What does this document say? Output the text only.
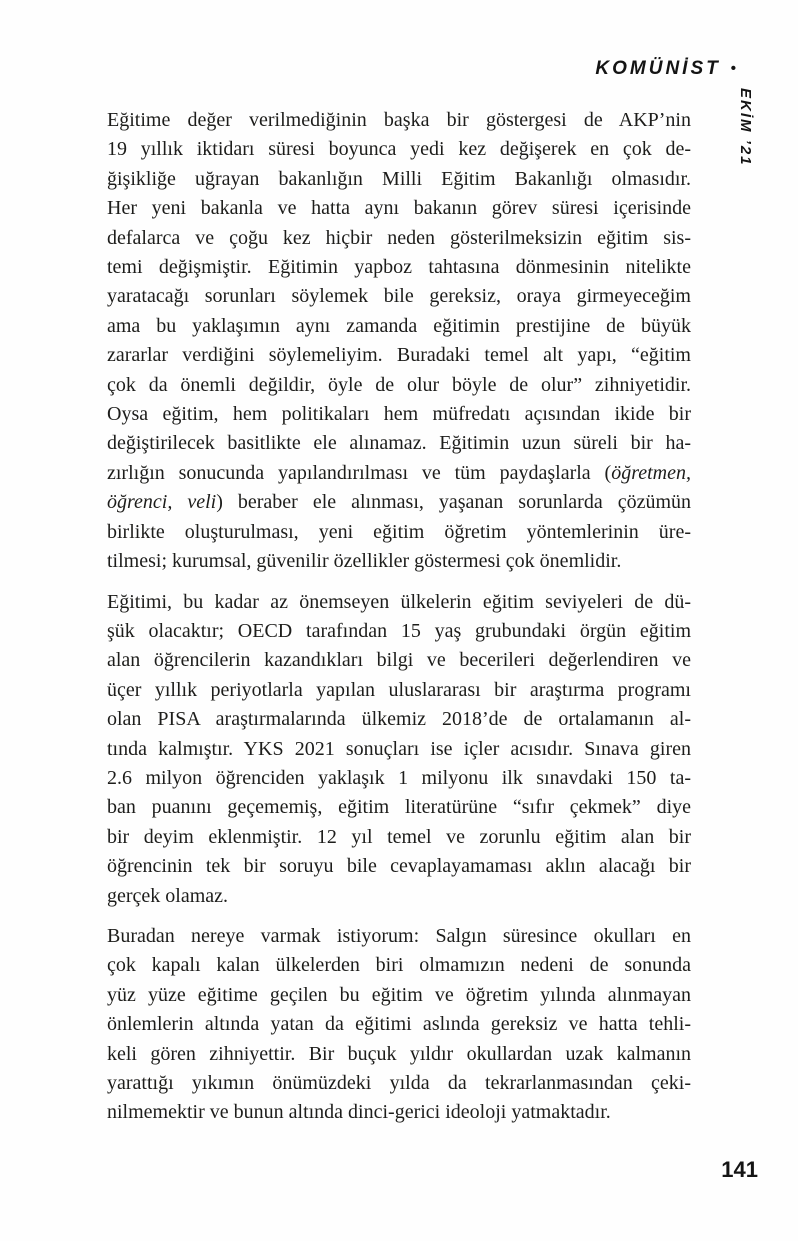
KOMÜNİST •
EKİM ’21

Eğitime değer verilmediğinin başka bir göstergesi de AKP’nin
19 yıllık iktidarı süresi boyunca yedi kez değişerek en çok de-
ğişikliğe uğrayan bakanlığın Milli Eğitim Bakanlığı olmasıdır.
Her yeni bakanla ve hatta aynı bakanın görev süresi içerisinde
defalarca ve çoğu kez hiçbir neden gösterilmeksizin eğitim sis-
temi değişmiştir. Eğitimin yapboz tahtasına dönmesinin nitelikte
yaratacağı sorunları söylemek bile gereksiz, oraya girmeyeceğim
ama bu yaklaşımın aynı zamanda eğitimin prestijine de büyük
zararlar verdiğini söylemeliyim. Buradaki temel alt yapı, “eğitim
çok da önemli değildir, öyle de olur böyle de olur” zihniyetidir.
Oysa eğitim, hem politikaları hem müfredatı açısından ikide bir
değiştirilecek basitlikte ele alınamaz. Eğitimin uzun süreli bir ha-
zırlığın sonucunda yapılandırılması ve tüm paydaşlarla (öğretmen,
öğrenci, veli) beraber ele alınması, yaşanan sorunlarda çözümün
birlikte oluşturulması, yeni eğitim öğretim yöntemlerinin üre-
tilmesi; kurumsal, güvenilir özellikler göstermesi çok önemlidir.

Eğitimi, bu kadar az önemseyen ülkelerin eğitim seviyeleri de dü-
şük olacaktır; OECD tarafından 15 yaş grubundaki örgün eğitim
alan öğrencilerin kazandıkları bilgi ve becerileri değerlendiren ve
üçer yıllık periyotlarla yapılan uluslararası bir araştırma programı
olan PISA araştırmalarında ülkemiz 2018’de de ortalamanın al-
tında kalmıştır. YKS 2021 sonuçları ise içler acısıdır. Sınava giren
2.6 milyon öğrenciden yaklaşık 1 milyonu ilk sınavdaki 150 ta-
ban puanını geçememiş, eğitim literatürüne “sıfır çekmek” diye
bir deyim eklenmiştir. 12 yıl temel ve zorunlu eğitim alan bir
öğrencinin tek bir soruyu bile cevaplayamaması aklın alacağı bir
gerçek olamaz.

Buradan nereye varmak istiyorum: Salgın süresince okulları en
çok kapalı kalan ülkelerden biri olmamızın nedeni de sonunda
yüz yüze eğitime geçilen bu eğitim ve öğretim yılında alınmayan
önlemlerin altında yatan da eğitimi aslında gereksiz ve hatta tehli-
keli gören zihniyettir. Bir buçuk yıldır okullardan uzak kalmanın
yarattığı yıkımın önümüzdeki yılda da tekrarlanmasından çeki-
nilmemektir ve bunun altında dinci-gerici ideoloji yatmaktadır.

141
